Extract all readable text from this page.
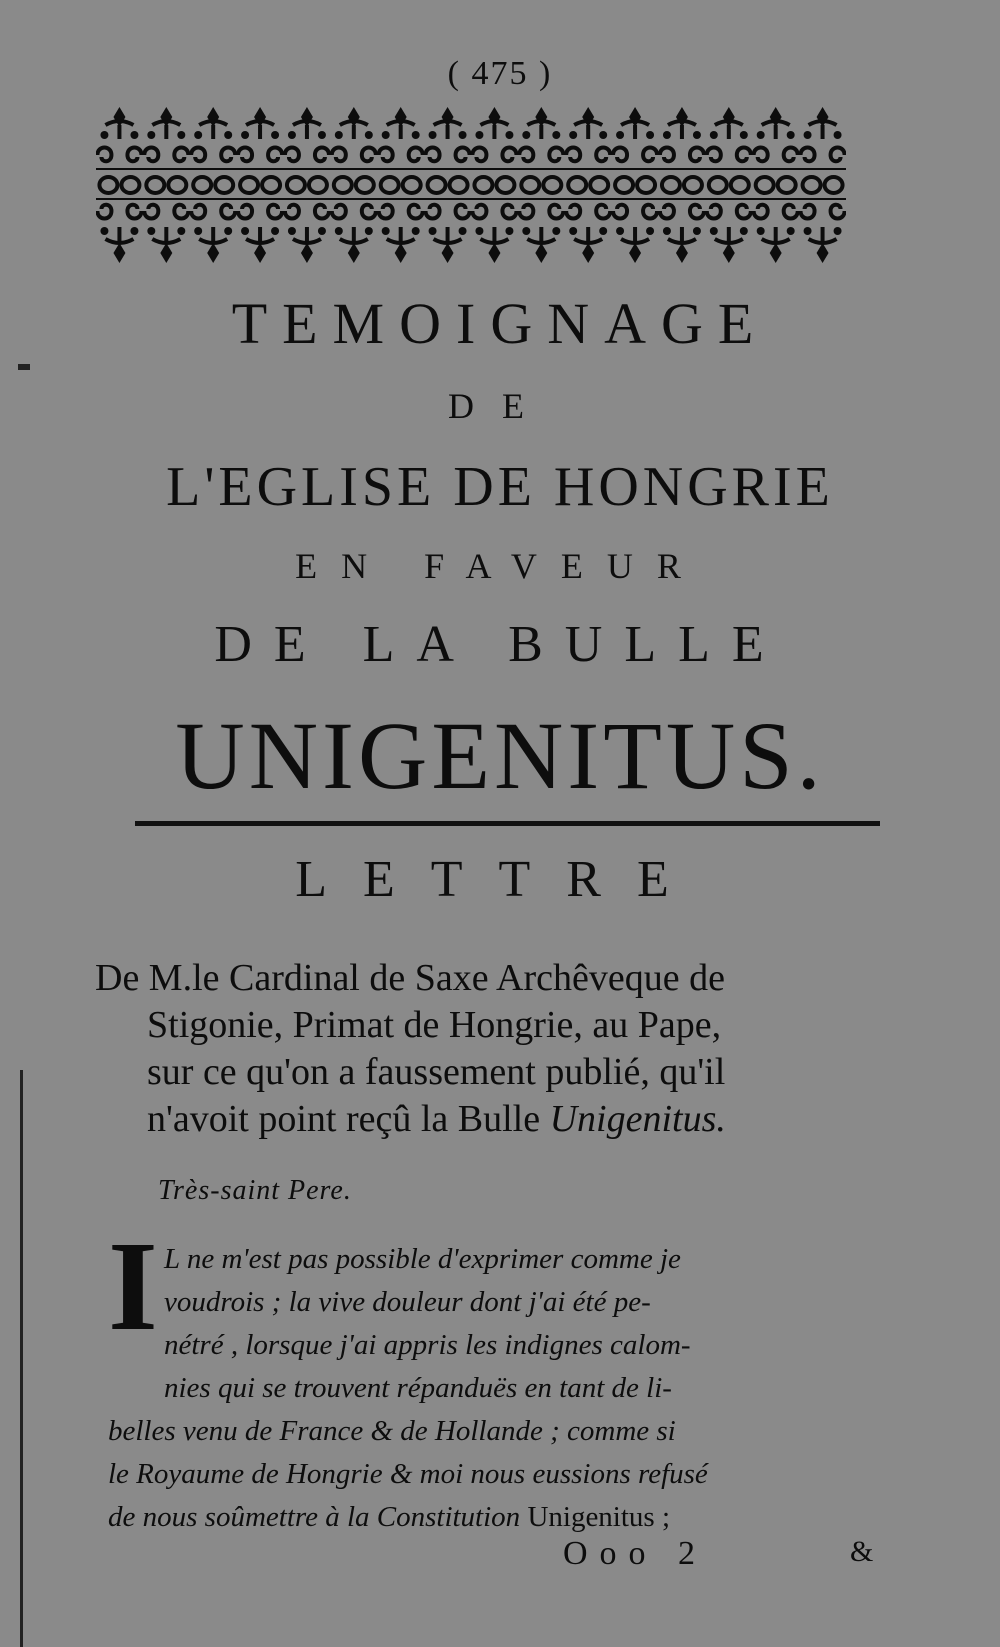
( 475 )
TEMOIGNAGE
DE
L'EGLISE DE HONGRIE
EN FAVEUR
DE LA BULLE
UNIGENITUS.
LETTRE
De M.le Cardinal de Saxe Archêveque de
Stigonie, Primat de Hongrie, au Pape,
sur ce qu'on a faussement publié, qu'il
n'avoit point reçû la Bulle Unigenitus.
Très-saint Pere.
I L ne m'est pas possible d'exprimer comme je
voudrois ; la vive douleur dont j'ai été pe-
nétré , lorsque j'ai appris les indignes calom-
nies qui se trouvent répanduës en tant de li-
belles venu de France & de Hollande ; comme si
le Royaume de Hongrie & moi nous eussions refusé
de nous soûmettre à la Constitution Unigenitus ;
Ooo 2	&
